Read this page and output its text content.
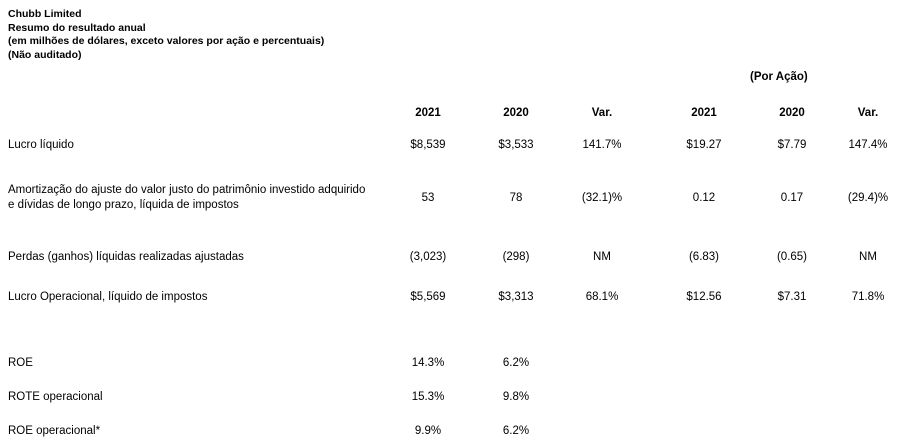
Chubb Limited
Resumo do resultado anual
(em milhões de dólares, exceto valores por ação e percentuais)
(Não auditado)
(Por Ação)
2021	2020	Var.	2021	2020	Var.
Lucro líquido	$8,539	$3,533	141.7%	$19.27	$7.79	147.4%
Amortização do ajuste do valor justo do patrimônio investido adquirido
e dívidas de longo prazo, líquida de impostos
53	78	(32.1)%	0.12	0.17	(29.4)%
Perdas (ganhos) líquidas realizadas ajustadas	(3,023)	(298)	NM	(6.83)	(0.65)	NM
Lucro Operacional, líquido de impostos	$5,569	$3,313	68.1%	$12.56	$7.31	71.8%
ROE	14.3%	6.2%
ROTE operacional	15.3%	9.8%
ROE operacional*	9.9%	6.2%
